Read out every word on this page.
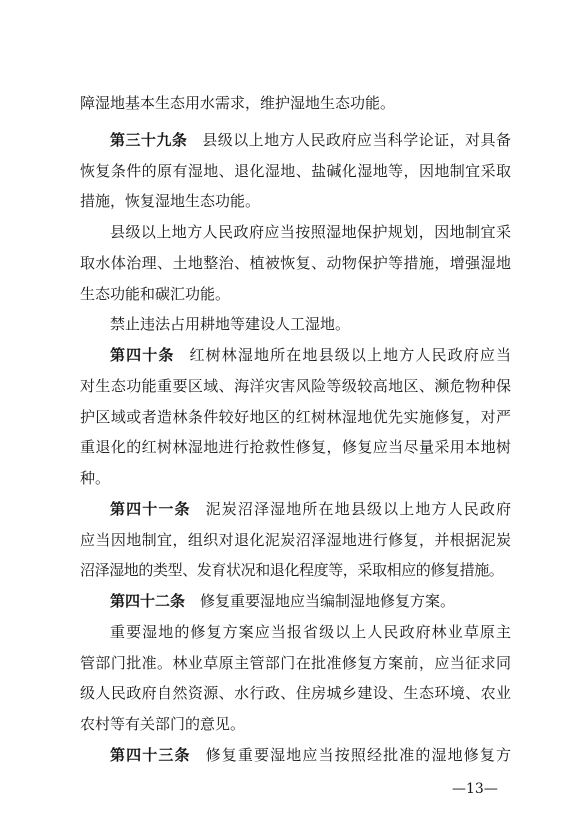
障湿地基本生态用水需求，维护湿地生态功能。
第三十九条 县级以上地方人民政府应当科学论证，对具备
恢复条件的原有湿地、退化湿地、盐碱化湿地等，因地制宜采取
措施，恢复湿地生态功能。
县级以上地方人民政府应当按照湿地保护规划，因地制宜采
取水体治理、土地整治、植被恢复、动物保护等措施，增强湿地
生态功能和碳汇功能。
禁止违法占用耕地等建设人工湿地。
第四十条 红树林湿地所在地县级以上地方人民政府应当
对生态功能重要区域、海洋灾害风险等级较高地区、濒危物种保
护区域或者造林条件较好地区的红树林湿地优先实施修复，对严
重退化的红树林湿地进行抢救性修复，修复应当尽量采用本地树
种。
第四十一条 泥炭沼泽湿地所在地县级以上地方人民政府
应当因地制宜，组织对退化泥炭沼泽湿地进行修复，并根据泥炭
沼泽湿地的类型、发育状况和退化程度等，采取相应的修复措施。
第四十二条 修复重要湿地应当编制湿地修复方案。
重要湿地的修复方案应当报省级以上人民政府林业草原主
管部门批准。林业草原主管部门在批准修复方案前，应当征求同
级人民政府自然资源、水行政、住房城乡建设、生态环境、农业
农村等有关部门的意见。
第四十三条 修复重要湿地应当按照经批准的湿地修复方
—13—
